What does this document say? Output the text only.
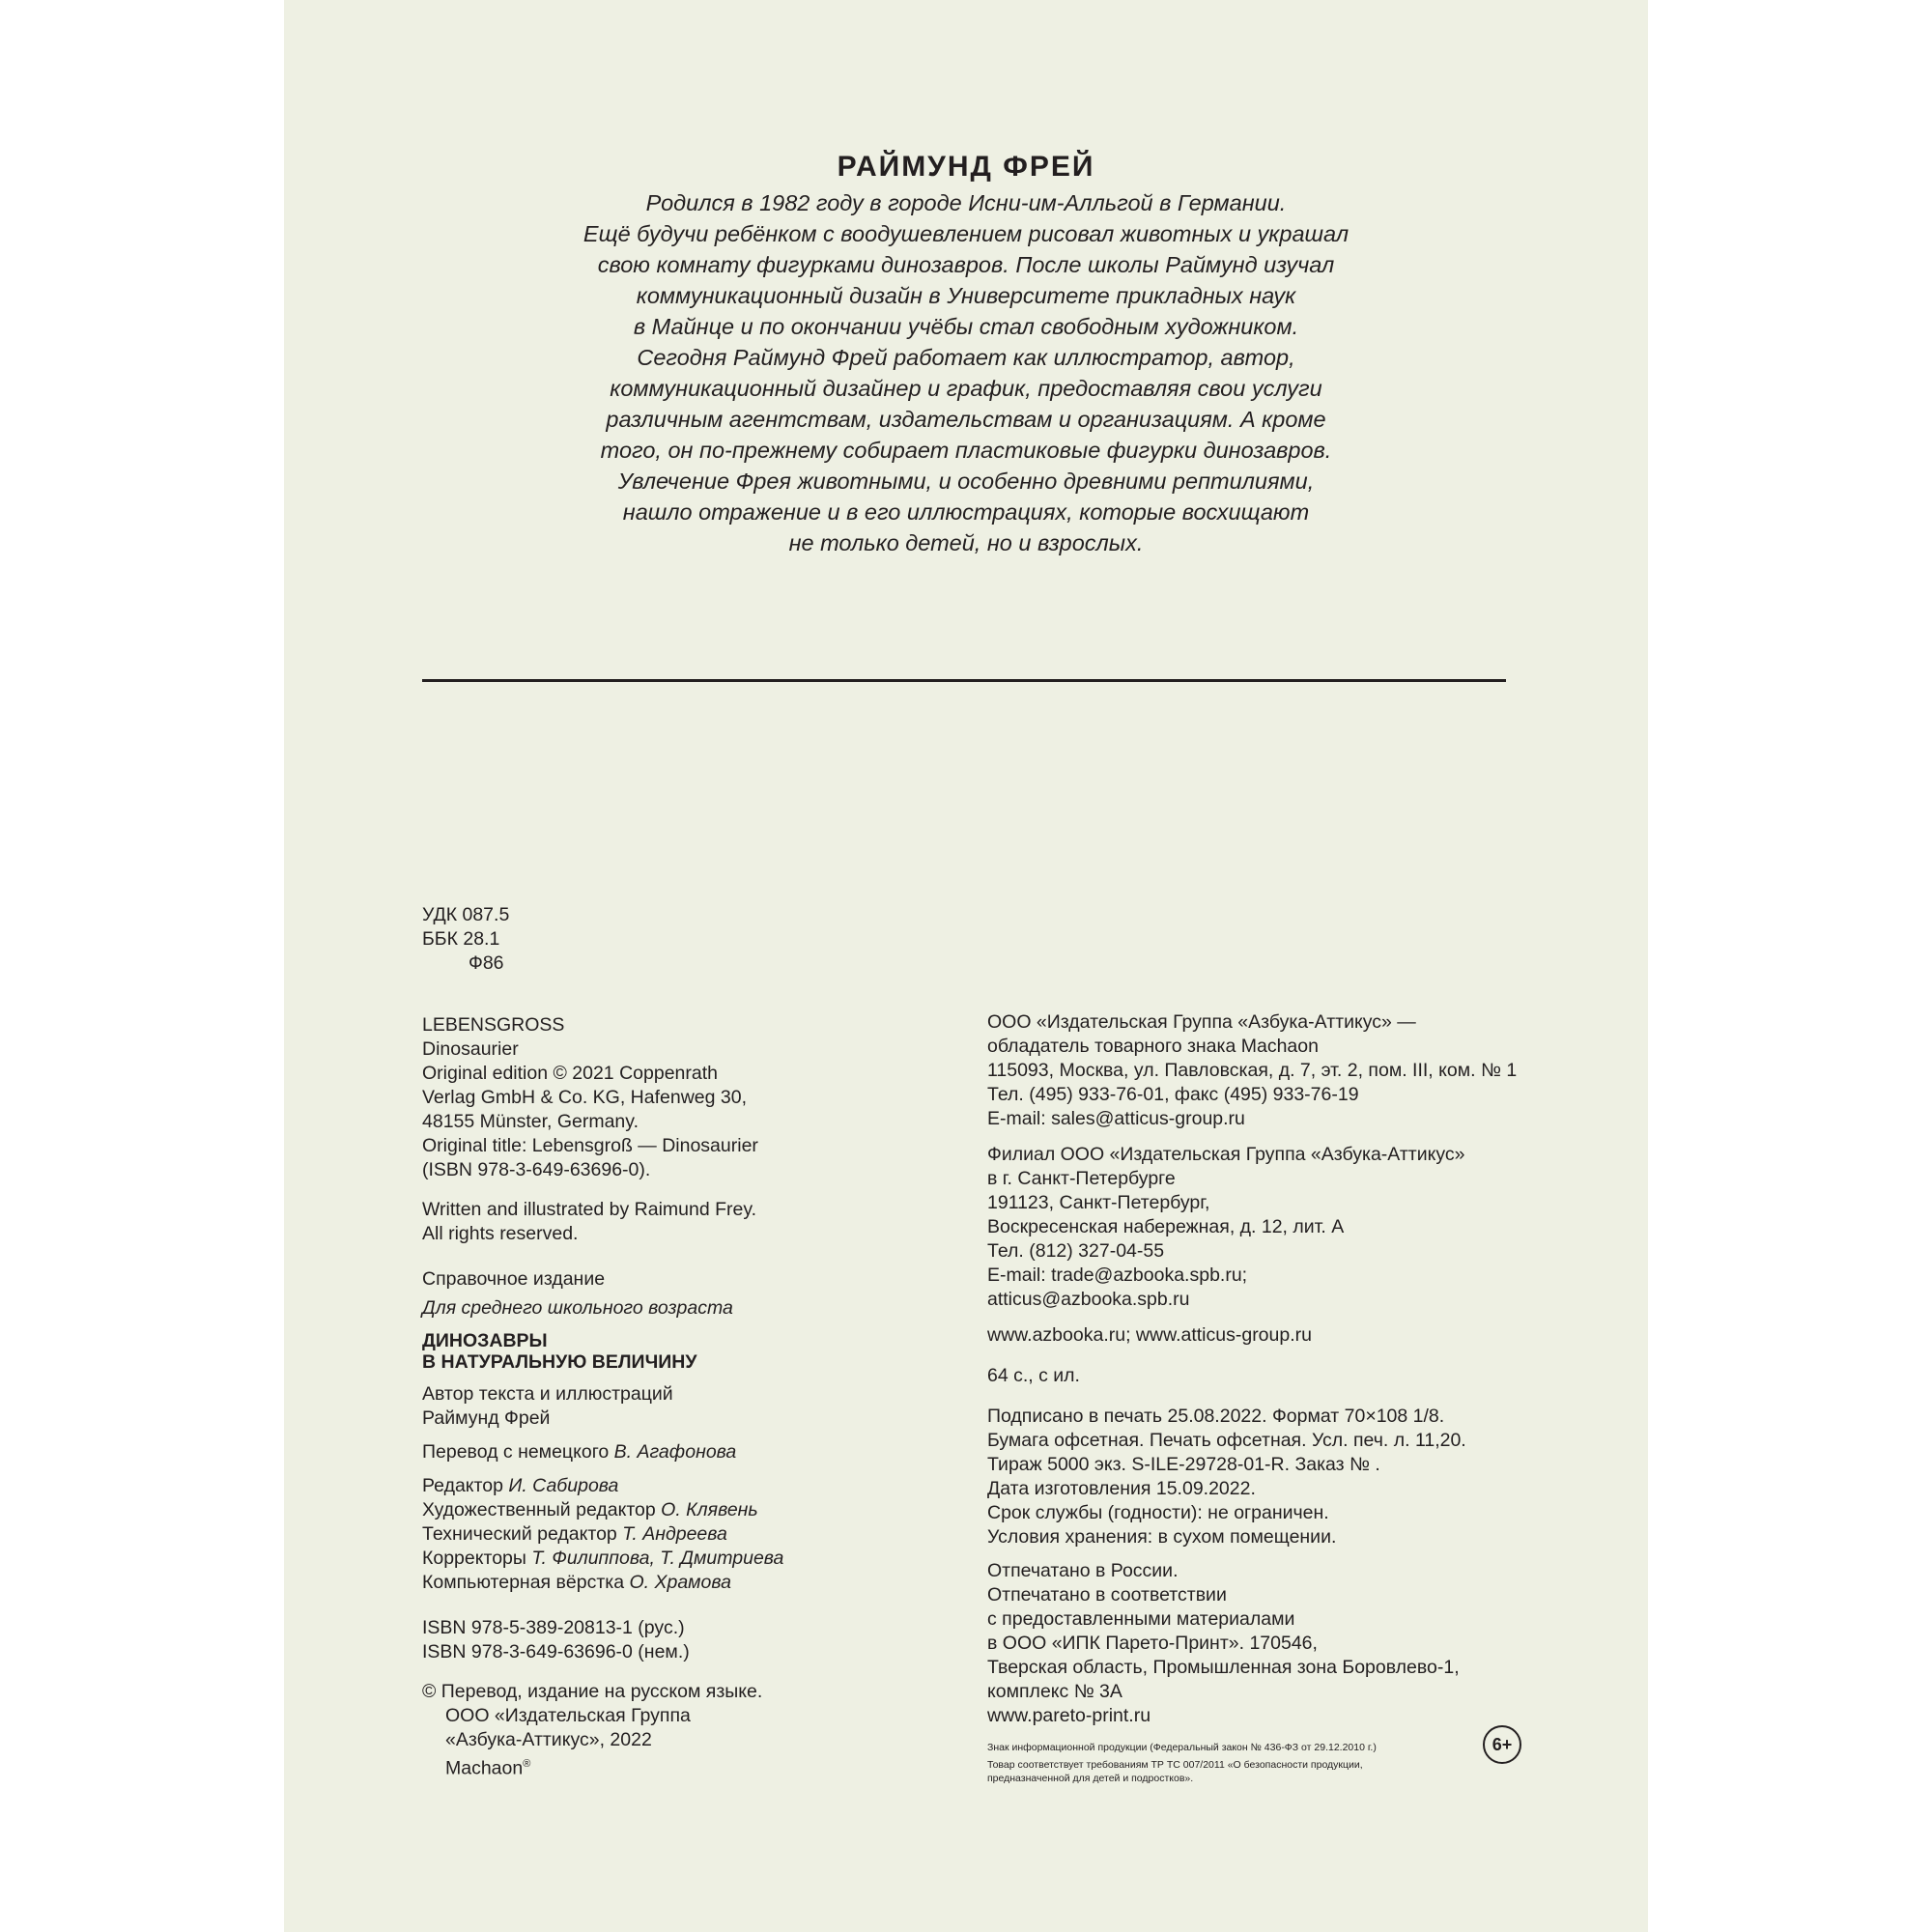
РАЙМУНД ФРЕЙ

Родился в 1982 году в городе Исни-им-Алльгой в Германии.

Ещё будучи ребёнком с воодушевлением рисовал животных и украшал

свою комнату фигурками динозавров. После школы Раймунд изучал

коммуникационный дизайн в Университете прикладных наук

в Майнце и по окончании учёбы стал свободным художником.

Сегодня Раймунд Фрей работает как иллюстратор, автор,

коммуникационный дизайнер и график, предоставляя свои услуги

различным агентствам, издательствам и организациям. А кроме

того, он по-прежнему собирает пластиковые фигурки динозавров.

Увлечение Фрея животными, и особенно древними рептилиями,

нашло отражение и в его иллюстрациях, которые восхищают

не только детей, но и взрослых.

УДК 087.5

ББК 28.1

Ф86

LEBENSGROSS

Dinosaurier

Original edition © 2021 Coppenrath

Verlag GmbH & Co. KG, Hafenweg 30,

48155 Münster, Germany.

Original title: Lebensgroß — Dinosaurier

(ISBN 978-3-649-63696-0).

Written and illustrated by Raimund Frey.

All rights reserved.

Справочное издание

Для среднего школьного возраста

ДИНОЗАВРЫ

В НАТУРАЛЬНУЮ ВЕЛИЧИНУ

Автор текста и иллюстраций

Раймунд Фрей

Перевод с немецкого В. Агафонова

Редактор И. Сабирова

Художественный редактор О. Клявень

Технический редактор Т. Андреева

Корректоры Т. Филиппова, Т. Дмитриева

Компьютерная вёрстка О. Храмова

ISBN 978-5-389-20813-1 (рус.)

ISBN 978-3-649-63696-0 (нем.)

© Перевод, издание на русском языке.

ООО «Издательская Группа

«Азбука-Аттикус», 2022

Machaon®

ООО «Издательская Группа «Азбука-Аттикус» —

обладатель товарного знака Machaon

115093, Москва, ул. Павловская, д. 7, эт. 2, пом. III, ком. № 1

Тел. (495) 933-76-01, факс (495) 933-76-19

E-mail: sales@atticus-group.ru

Филиал ООО «Издательская Группа «Азбука-Аттикус»

в г. Санкт-Петербурге

191123, Санкт-Петербург,

Воскресенская набережная, д. 12, лит. А

Тел. (812) 327-04-55

E-mail: trade@azbooka.spb.ru;

atticus@azbooka.spb.ru

www.azbooka.ru; www.atticus-group.ru

64 с., с ил.

Подписано в печать 25.08.2022. Формат 70×108 1/8.

Бумага офсетная. Печать офсетная. Усл. печ. л. 11,20.

Тираж 5000 экз. S-ILE-29728-01-R. Заказ № .

Дата изготовления 15.09.2022.

Срок службы (годности): не ограничен.

Условия хранения: в сухом помещении.

Отпечатано в России.

Отпечатано в соответствии

с предоставленными материалами

в ООО «ИПК Парето-Принт». 170546,

Тверская область, Промышленная зона Боровлево-1,

комплекс № 3А

www.pareto-print.ru

Знак информационной продукции (Федеральный закон № 436-ФЗ от 29.12.2010 г.)

Товар соответствует требованиям ТР ТС 007/2011 «О безопасности продукции,

предназначенной для детей и подростков».

6+
